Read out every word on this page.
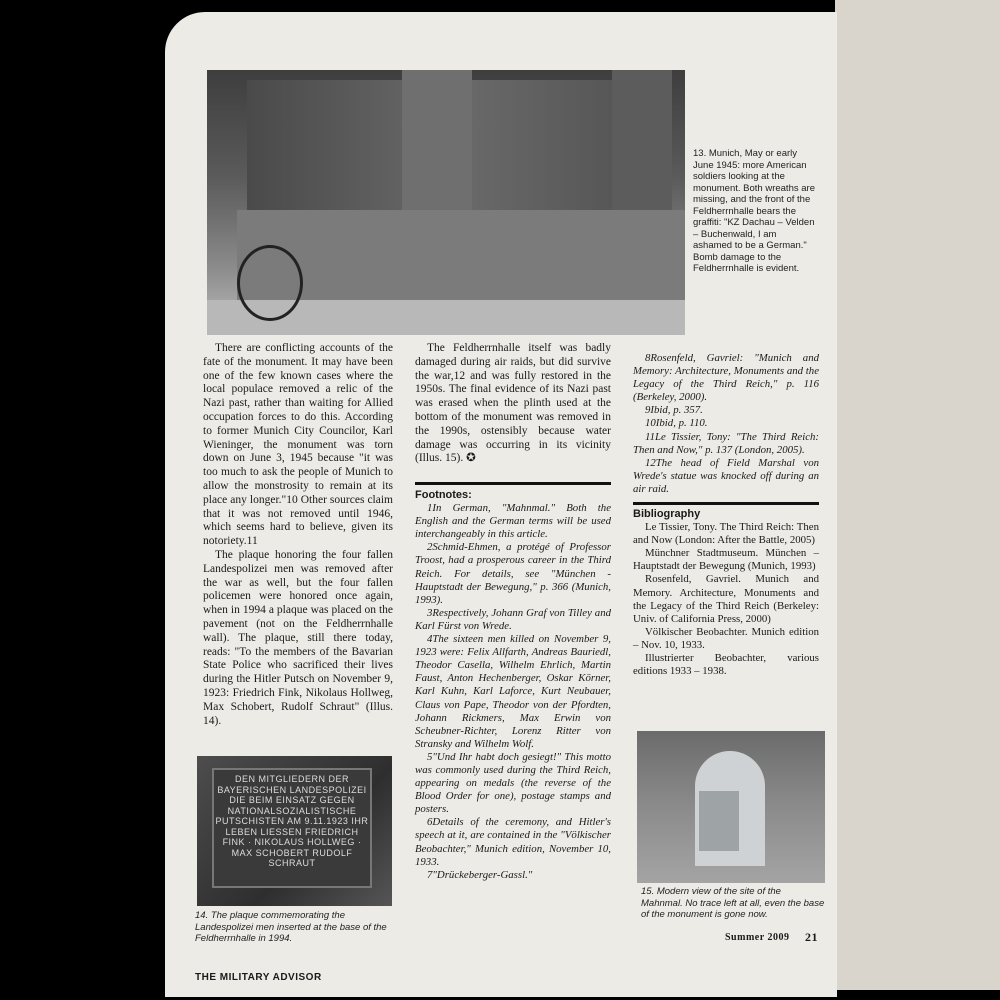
13. Munich, May or early June 1945: more American soldiers looking at the monument. Both wreaths are missing, and the front of the Feldherrnhalle bears the graffiti: "KZ Dachau – Velden – Buchenwald, I am ashamed to be a German." Bomb damage to the Feldherrnhalle is evident.

There are conflicting accounts of the fate of the monument. It may have been one of the few known cases where the local populace removed a relic of the Nazi past, rather than waiting for Allied occupation forces to do this. According to former Munich City Councilor, Karl Wieninger, the monument was torn down on June 3, 1945 because "it was too much to ask the people of Munich to allow the monstrosity to remain at its place any longer."10 Other sources claim that it was not removed until 1946, which seems hard to believe, given its notoriety.11

The plaque honoring the four fallen Landespolizei men was removed after the war as well, but the four fallen policemen were honored once again, when in 1994 a plaque was placed on the pavement (not on the Feldherrnhalle wall). The plaque, still there today, reads: "To the members of the Bavarian State Police who sacrificed their lives during the Hitler Putsch on November 9, 1923: Friedrich Fink, Nikolaus Hollweg, Max Schobert, Rudolf Schraut" (Illus. 14).

The Feldherrnhalle itself was badly damaged during air raids, but did survive the war,12 and was fully restored in the 1950s. The final evidence of its Nazi past was erased when the plinth used at the bottom of the monument was removed in the 1990s, ostensibly because water damage was occurring in its vicinity (Illus. 15). ✪

Footnotes:

1In German, "Mahnmal." Both the English and the German terms will be used interchangeably in this article.

2Schmid-Ehmen, a protégé of Professor Troost, had a prosperous career in the Third Reich. For details, see "München - Hauptstadt der Bewegung," p. 366 (Munich, 1993).

3Respectively, Johann Graf von Tilley and Karl Fürst von Wrede.

4The sixteen men killed on November 9, 1923 were: Felix Allfarth, Andreas Bauriedl, Theodor Casella, Wilhelm Ehrlich, Martin Faust, Anton Hechenberger, Oskar Körner, Karl Kuhn, Karl Laforce, Kurt Neubauer, Claus von Pape, Theodor von der Pfordten, Johann Rickmers, Max Erwin von Scheubner-Richter, Lorenz Ritter von Stransky and Wilhelm Wolf.

5"Und Ihr habt doch gesiegt!" This motto was commonly used during the Third Reich, appearing on medals (the reverse of the Blood Order for one), postage stamps and posters.

6Details of the ceremony, and Hitler's speech at it, are contained in the "Völkischer Beobachter," Munich edition, November 10, 1933.

7"Drückeberger-Gassl."

8Rosenfeld, Gavriel: "Munich and Memory: Architecture, Monuments and the Legacy of the Third Reich," p. 116 (Berkeley, 2000).

9Ibid, p. 357.

10Ibid, p. 110.

11Le Tissier, Tony: "The Third Reich: Then and Now," p. 137 (London, 2005).

12The head of Field Marshal von Wrede's statue was knocked off during an air raid.

Bibliography

Le Tissier, Tony. The Third Reich: Then and Now (London: After the Battle, 2005)

Münchner Stadtmuseum. München –Hauptstadt der Bewegung (Munich, 1993)

Rosenfeld, Gavriel. Munich and Memory. Architecture, Monuments and the Legacy of the Third Reich (Berkeley: Univ. of California Press, 2000)

Völkischer Beobachter. Munich edition – Nov. 10, 1933.

Illustrierter Beobachter, various editions 1933 – 1938.

DEN MITGLIEDERN DER BAYERISCHEN LANDESPOLIZEI DIE BEIM EINSATZ GEGEN NATIONALSOZIALISTISCHE PUTSCHISTEN AM 9.11.1923 IHR LEBEN LIESSEN FRIEDRICH FINK · NIKOLAUS HOLLWEG · MAX SCHOBERT RUDOLF SCHRAUT
14. The plaque commemorating the Landespolizei men inserted at the base of the Feldherrnhalle in 1994.
15. Modern view of the site of the Mahnmal. No trace left at all, even the base of the monument is gone now.
THE MILITARY ADVISOR
Summer 2009 21
